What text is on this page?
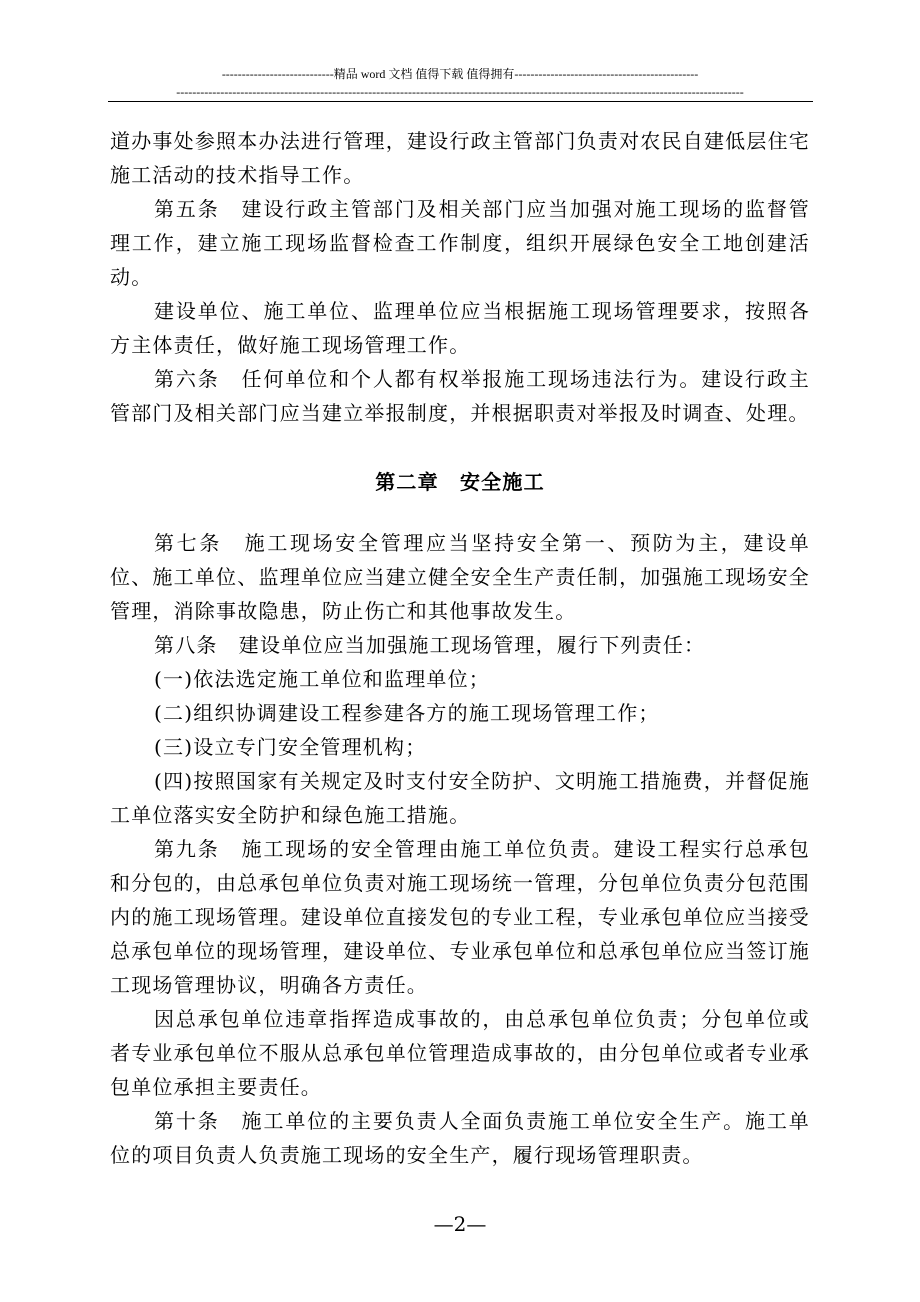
----------------------------精品 word 文档 值得下载 值得拥有----------------------------------------------
----------------------------------------------------------------------------------------------------------------------------------------------

道办事处参照本办法进行管理，建设行政主管部门负责对农民自建低层住宅施工活动的技术指导工作。

第五条　建设行政主管部门及相关部门应当加强对施工现场的监督管理工作，建立施工现场监督检查工作制度，组织开展绿色安全工地创建活动。

建设单位、施工单位、监理单位应当根据施工现场管理要求，按照各方主体责任，做好施工现场管理工作。

第六条　任何单位和个人都有权举报施工现场违法行为。建设行政主管部门及相关部门应当建立举报制度，并根据职责对举报及时调查、处理。

第二章　安全施工

第七条　施工现场安全管理应当坚持安全第一、预防为主，建设单位、施工单位、监理单位应当建立健全安全生产责任制，加强施工现场安全管理，消除事故隐患，防止伤亡和其他事故发生。

第八条　建设单位应当加强施工现场管理，履行下列责任：

(一)依法选定施工单位和监理单位；

(二)组织协调建设工程参建各方的施工现场管理工作；

(三)设立专门安全管理机构；

(四)按照国家有关规定及时支付安全防护、文明施工措施费，并督促施工单位落实安全防护和绿色施工措施。

第九条　施工现场的安全管理由施工单位负责。建设工程实行总承包和分包的，由总承包单位负责对施工现场统一管理，分包单位负责分包范围内的施工现场管理。建设单位直接发包的专业工程，专业承包单位应当接受总承包单位的现场管理，建设单位、专业承包单位和总承包单位应当签订施工现场管理协议，明确各方责任。

因总承包单位违章指挥造成事故的，由总承包单位负责；分包单位或者专业承包单位不服从总承包单位管理造成事故的，由分包单位或者专业承包单位承担主要责任。

第十条　施工单位的主要负责人全面负责施工单位安全生产。施工单位的项目负责人负责施工现场的安全生产，履行现场管理职责。

—2—
